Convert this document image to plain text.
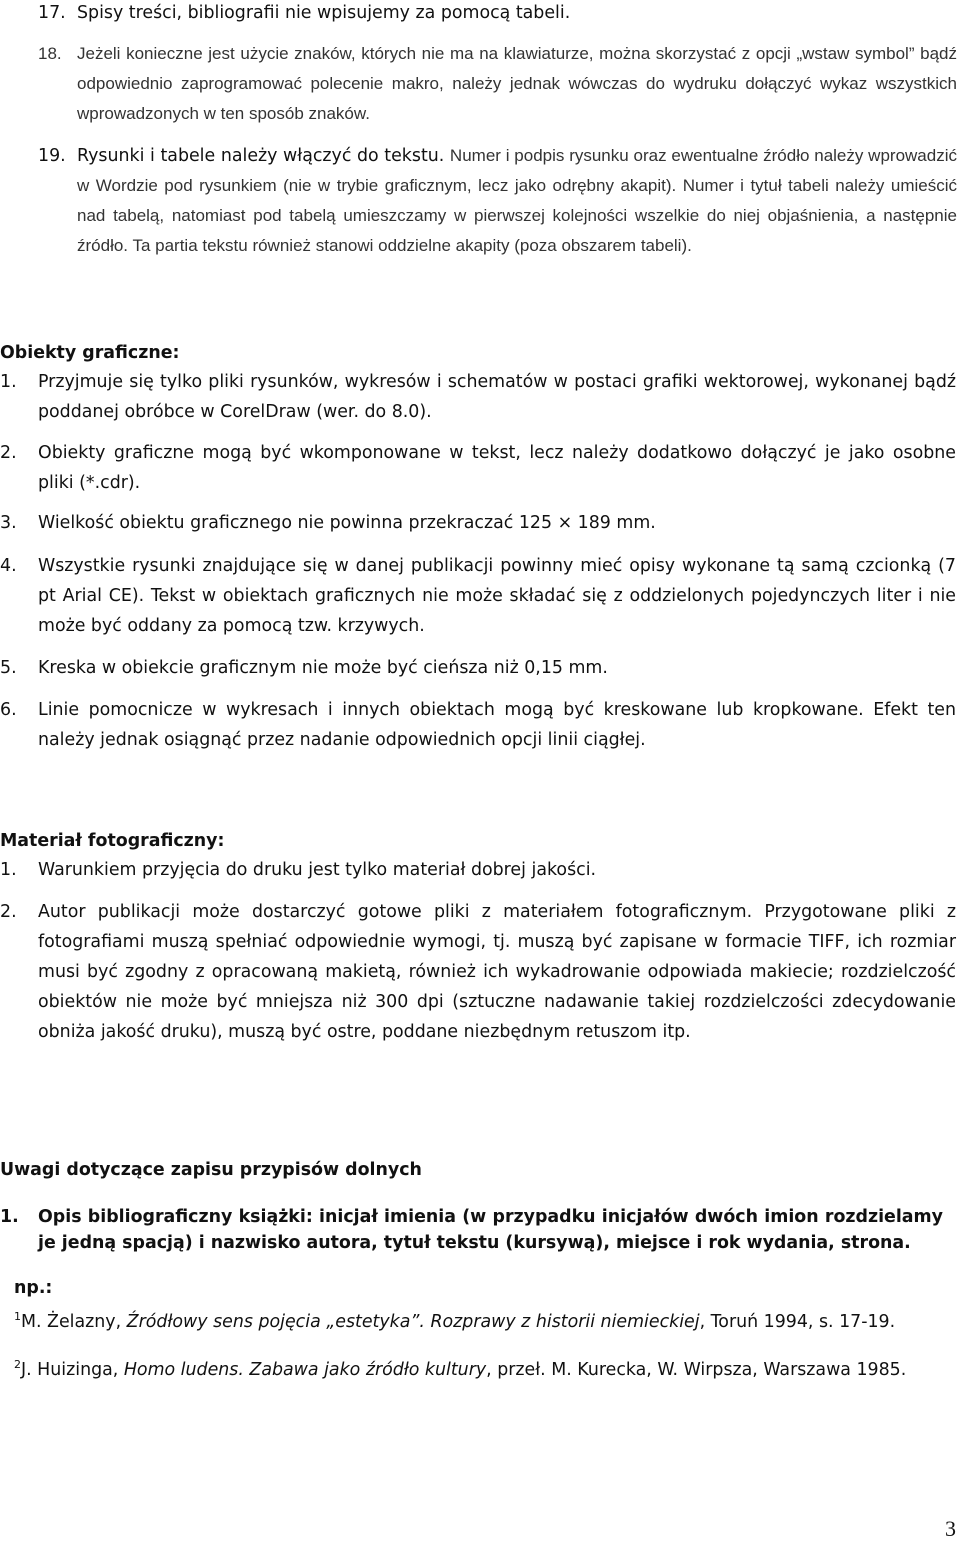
17. Spisy treści, bibliografii nie wpisujemy za pomocą tabeli.
18. Jeżeli konieczne jest użycie znaków, których nie ma na klawiaturze, można skorzystać z opcji „wstaw symbol” bądź odpowiednio zaprogramować polecenie makro, należy jednak wówczas do wydruku dołączyć wykaz wszystkich wprowadzonych w ten sposób znaków.
19. Rysunki i tabele należy włączyć do tekstu. Numer i podpis rysunku oraz ewentualne źródło należy wprowadzić w Wordzie pod rysunkiem (nie w trybie graficznym, lecz jako odrębny akapit). Numer i tytuł tabeli należy umieścić nad tabelą, natomiast pod tabelą umieszczamy w pierwszej kolejności wszelkie do niej objaśnienia, a następnie źródło. Ta partia tekstu również stanowi oddzielne akapity (poza obszarem tabeli).
Obiekty graficzne:
1. Przyjmuje się tylko pliki rysunków, wykresów i schematów w postaci grafiki wektorowej, wykonanej bądź poddanej obróbce w CorelDraw (wer. do 8.0).
2. Obiekty graficzne mogą być wkomponowane w tekst, lecz należy dodatkowo dołączyć je jako osobne pliki (*.cdr).
3. Wielkość obiektu graficznego nie powinna przekraczać 125 × 189 mm.
4. Wszystkie rysunki znajdujące się w danej publikacji powinny mieć opisy wykonane tą samą czcionką (7 pt Arial CE). Tekst w obiektach graficznych nie może składać się z oddzielonych pojedynczych liter i nie może być oddany za pomocą tzw. krzywych.
5. Kreska w obiekcie graficznym nie może być cieńsza niż 0,15 mm.
6. Linie pomocnicze w wykresach i innych obiektach mogą być kreskowane lub kropkowane. Efekt ten należy jednak osiągnąć przez nadanie odpowiednich opcji linii ciągłej.
Materiał fotograficzny:
1. Warunkiem przyjęcia do druku jest tylko materiał dobrej jakości.
2. Autor publikacji może dostarczyć gotowe pliki z materiałem fotograficznym. Przygotowane pliki z fotografiami muszą spełniać odpowiednie wymogi, tj. muszą być zapisane w formacie TIFF, ich rozmiar musi być zgodny z opracowaną makietą, również ich wykadrowanie odpowiada makiecie; rozdzielczość obiektów nie może być mniejsza niż 300 dpi (sztuczne nadawanie takiej rozdzielczości zdecydowanie obniża jakość druku), muszą być ostre, poddane niezbędnym retuszom itp.
Uwagi dotyczące zapisu przypisów dolnych
1. Opis bibliograficzny książki: inicjał imienia (w przypadku inicjałów dwóch imion rozdzielamy je jedną spacją) i nazwisko autora, tytuł tekstu (kursywą), miejsce i rok wydania, strona.
np.:
$^1$M. Żelazny, Źródłowy sens pojęcia „estetyka”. Rozprawy z historii niemieckiej, Toruń 1994, s. 17-19.
$^2$J. Huizinga, Homo ludens. Zabawa jako źródło kultury, przeł. M. Kurecka, W. Wirpsza, Warszawa 1985.
3
